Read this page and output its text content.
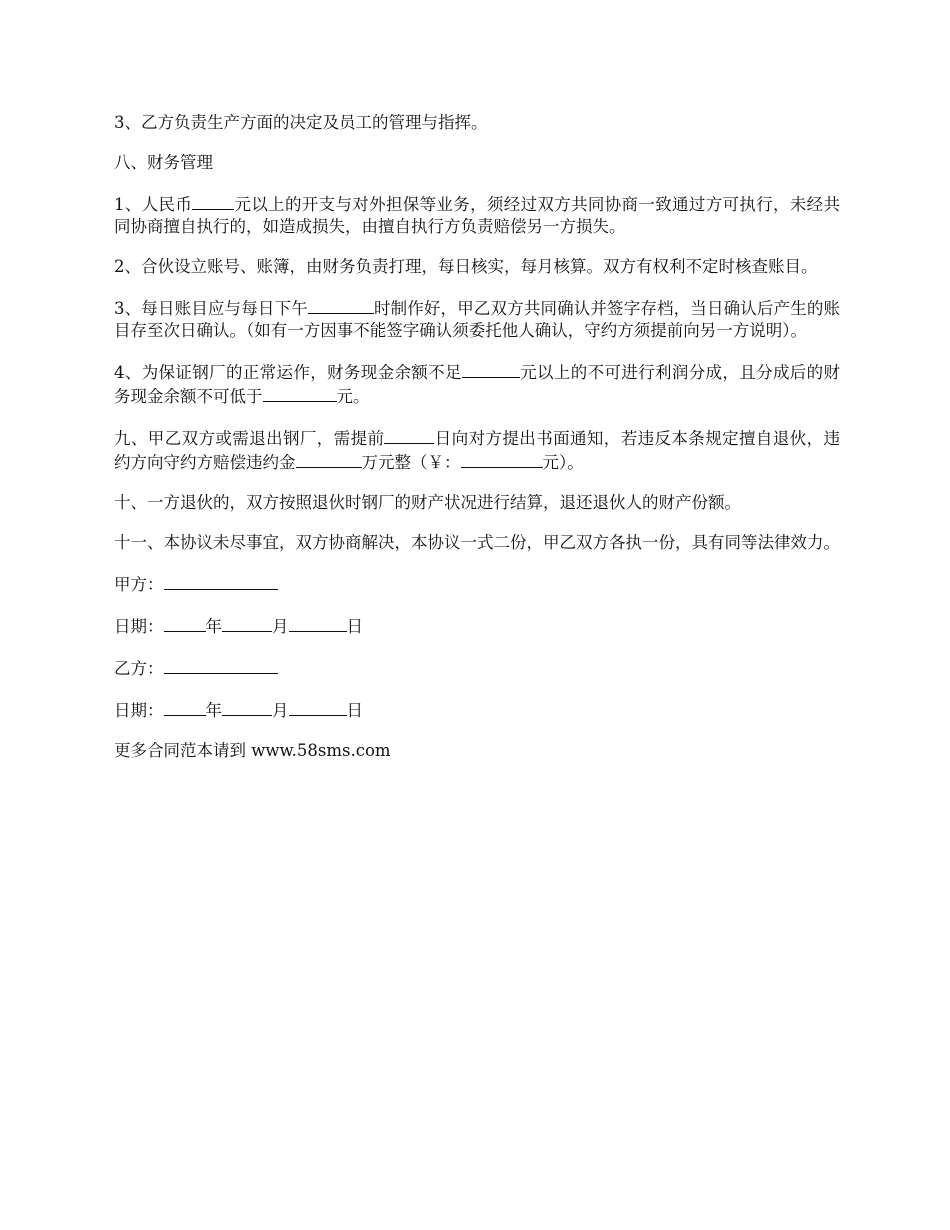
3、乙方负责生产方面的决定及员工的管理与指挥。

八、财务管理

1、人民币	元以上的开支与对外担保等业务，须经过双方共同协商一致通过方可执行，未经共同协商擅自执行的，如造成损失，由擅自执行方负责赔偿另一方损失。

2、合伙设立账号、账簿，由财务负责打理，每日核实，每月核算。双方有权利不定时核查账目。

3、每日账目应与每日下午	时制作好，甲乙双方共同确认并签字存档，当日确认后产生的账目存至次日确认。（如有一方因事不能签字确认须委托他人确认，守约方须提前向另一方说明）。

4、为保证钢厂的正常运作，财务现金余额不足	元以上的不可进行利润分成，且分成后的财务现金余额不可低于	元。

九、甲乙双方或需退出钢厂，需提前	日向对方提出书面通知，若违反本条规定擅自退伙，违约方向守约方赔偿违约金	万元整（￥：	元）。

十、一方退伙的，双方按照退伙时钢厂的财产状况进行结算，退还退伙人的财产份额。

十一、本协议未尽事宜，双方协商解决，本协议一式二份，甲乙双方各执一份，具有同等法律效力。

甲方：

日期：	年	月	日

乙方：

日期：	年	月	日

更多合同范本请到 www.58sms.com
